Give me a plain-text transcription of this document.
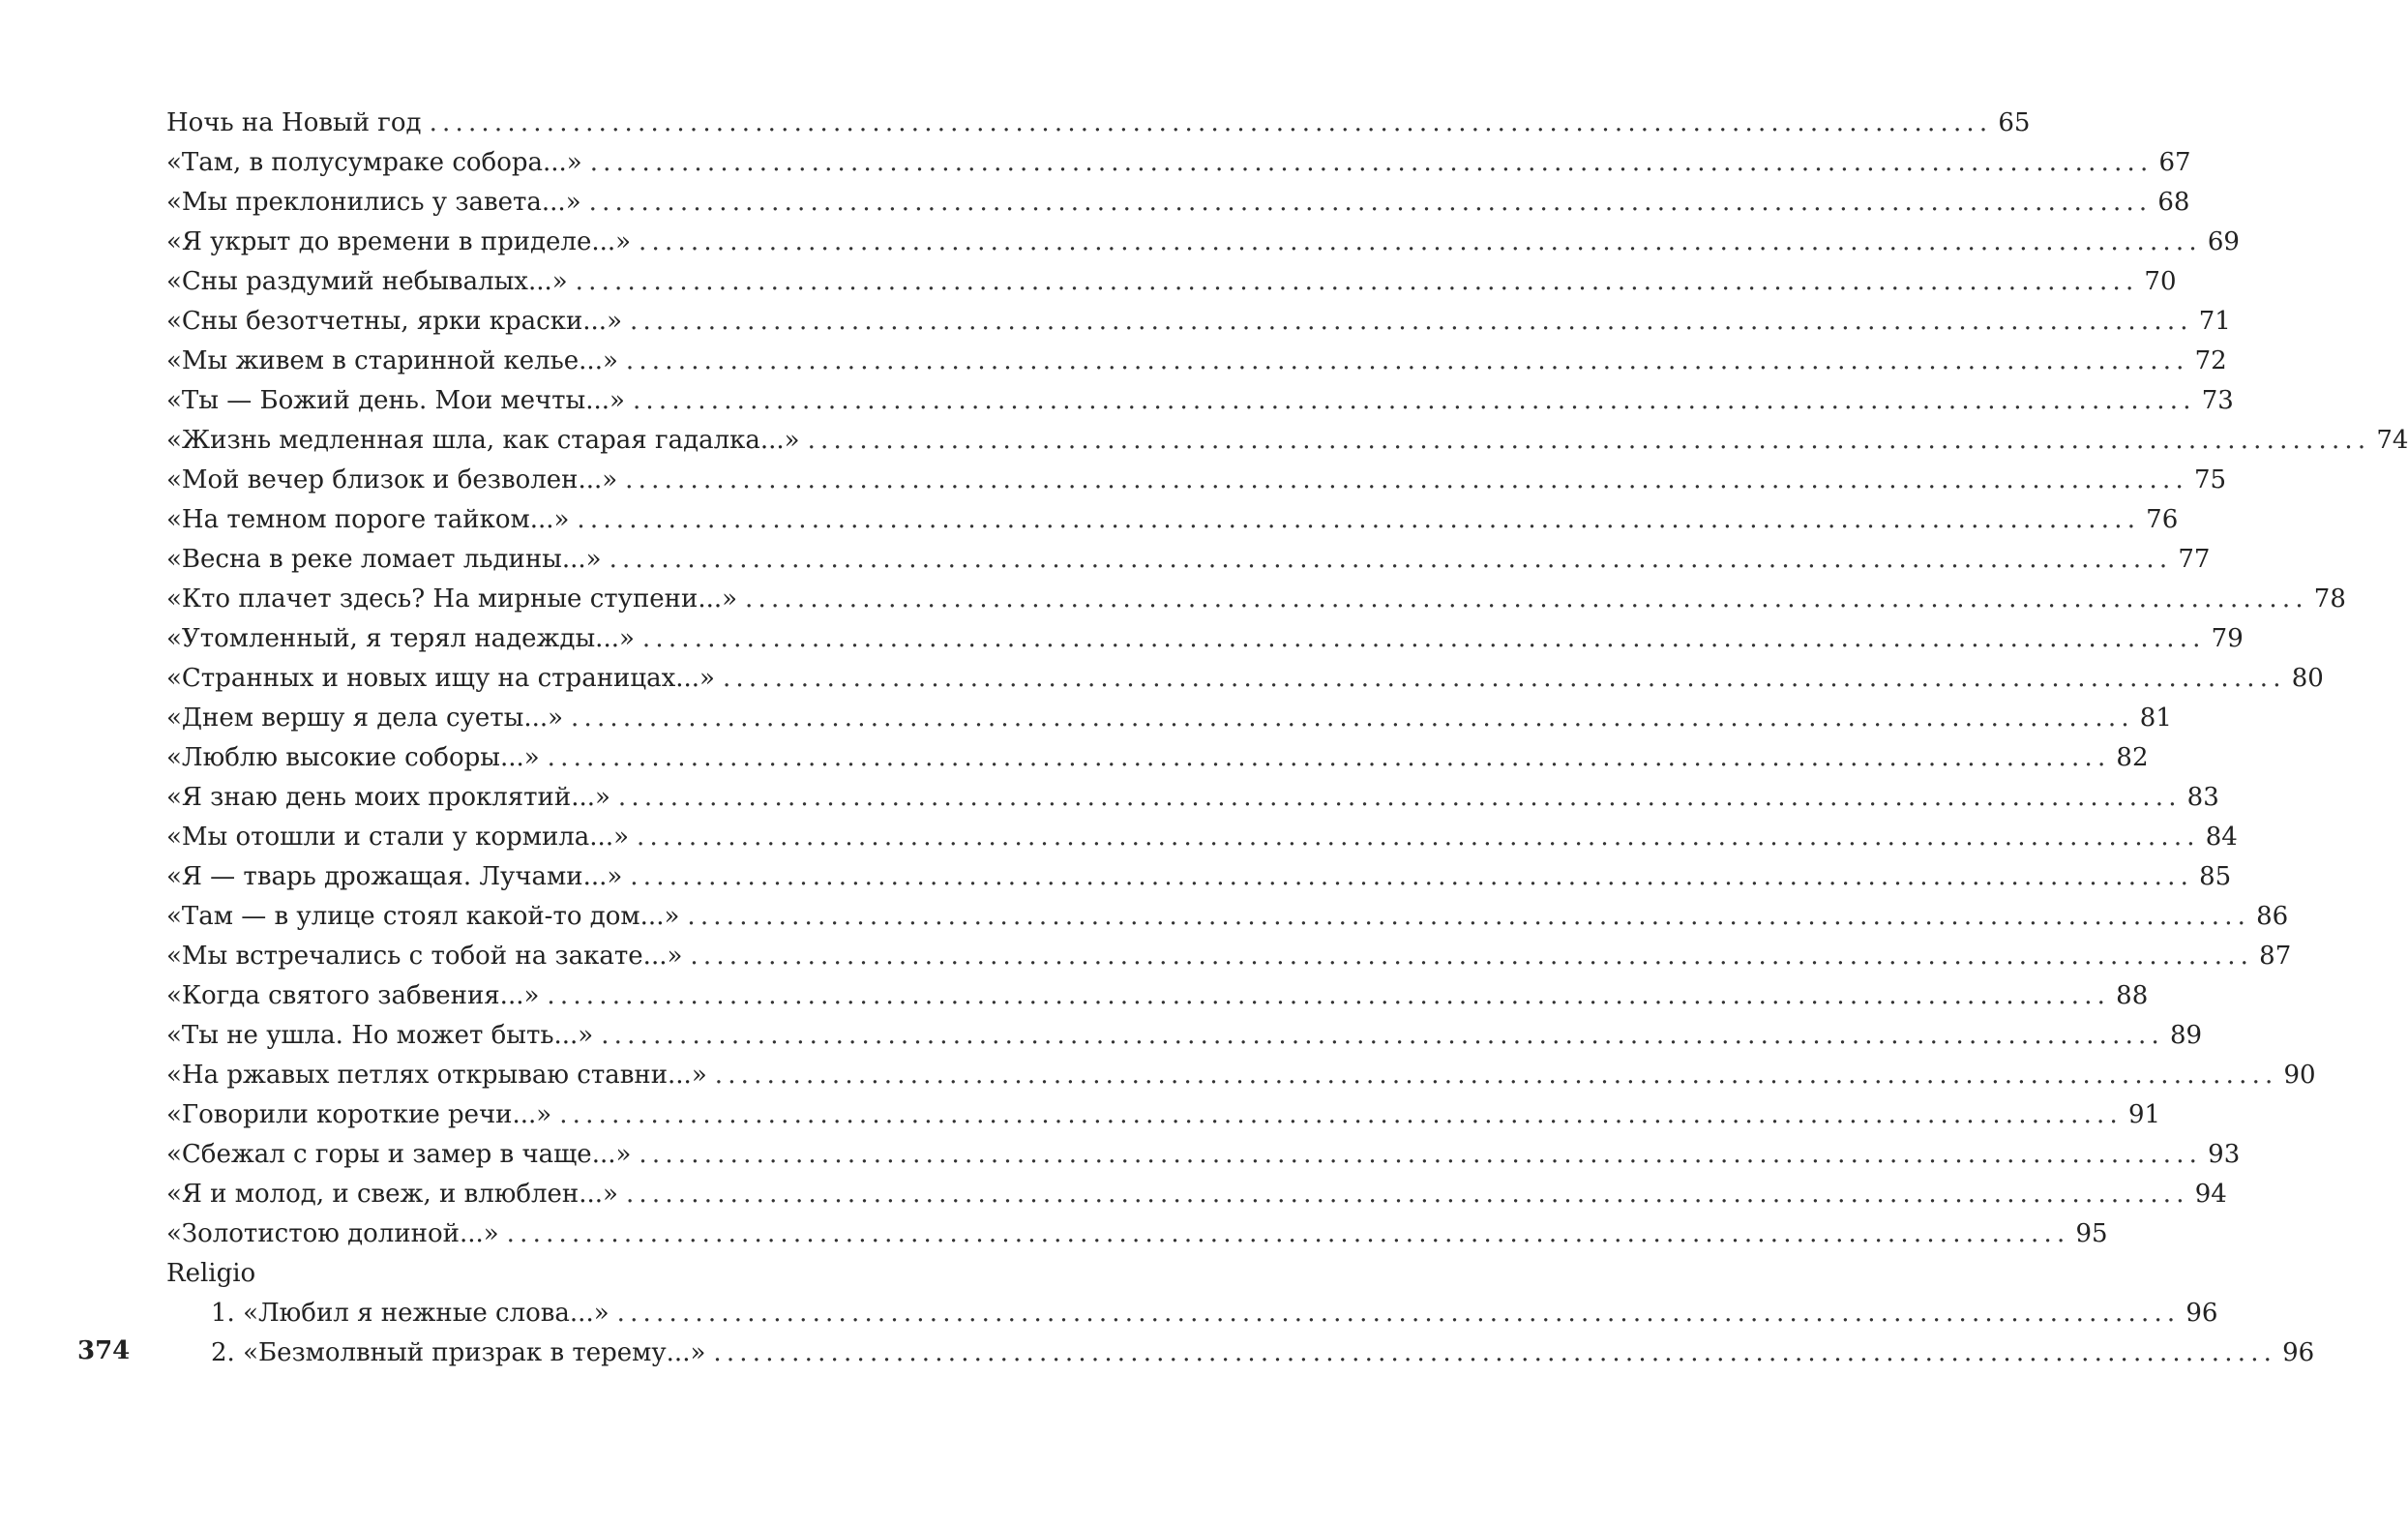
Ночь на Новый год ........................................................................................................................ 65
«Там, в полусумраке собора...» ........................................................................................................................ 67
«Мы преклонились у завета...» ........................................................................................................................ 68
«Я укрыт до времени в приделе...» ........................................................................................................................ 69
«Сны раздумий небывалых...» ........................................................................................................................ 70
«Сны безотчетны, ярки краски...» ........................................................................................................................ 71
«Мы живем в старинной келье...» ........................................................................................................................ 72
«Ты — Божий день. Мои мечты...» ........................................................................................................................ 73
«Жизнь медленная шла, как старая гадалка...» ........................................................................................................................ 74
«Мой вечер близок и безволен...» ........................................................................................................................ 75
«На темном пороге тайком...» ........................................................................................................................ 76
«Весна в реке ломает льдины...» ........................................................................................................................ 77
«Кто плачет здесь? На мирные ступени...» ........................................................................................................................ 78
«Утомленный, я терял надежды...» ........................................................................................................................ 79
«Странных и новых ищу на страницах...» ........................................................................................................................ 80
«Днем вершу я дела суеты...» ........................................................................................................................ 81
«Люблю высокие соборы...» ........................................................................................................................ 82
«Я знаю день моих проклятий...» ........................................................................................................................ 83
«Мы отошли и стали у кормила...» ........................................................................................................................ 84
«Я — тварь дрожащая. Лучами...» ........................................................................................................................ 85
«Там — в улице стоял какой-то дом...» ........................................................................................................................ 86
«Мы встречались с тобой на закате...» ........................................................................................................................ 87
«Когда святого забвения...» ........................................................................................................................ 88
«Ты не ушла. Но может быть...» ........................................................................................................................ 89
«На ржавых петлях открываю ставни...» ........................................................................................................................ 90
«Говорили короткие речи...» ........................................................................................................................ 91
«Сбежал с горы и замер в чаще...» ........................................................................................................................ 93
«Я и молод, и свеж, и влюблен...» ........................................................................................................................ 94
«Золотистою долиной...» ........................................................................................................................ 95
Religio
1. «Любил я нежные слова...» ........................................................................................................................ 96
2. «Безмолвный призрак в терему...» ........................................................................................................................ 96
374
